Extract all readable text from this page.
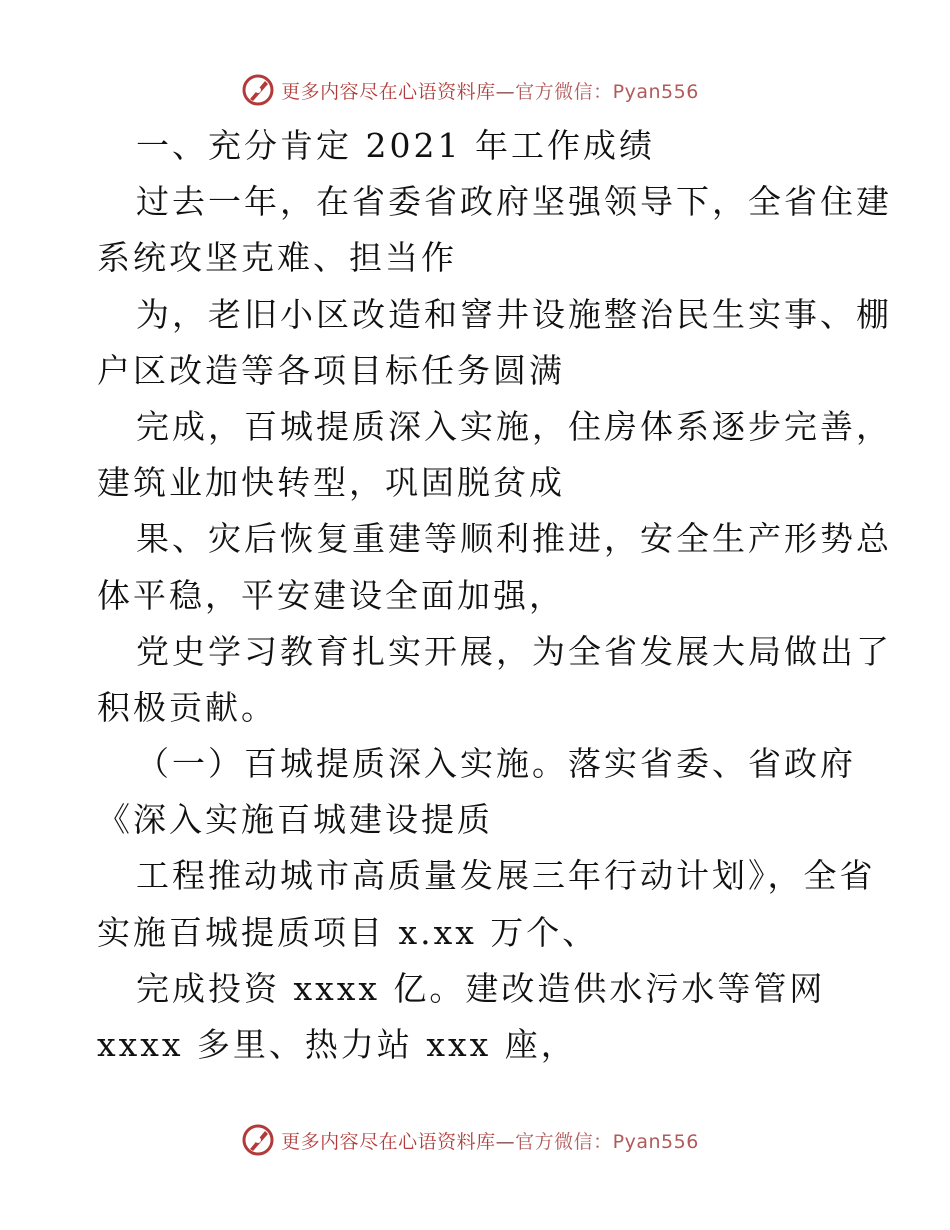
更多内容尽在心语资料库—官方微信：Pyan556
一、充分肯定 2021 年工作成绩
过去一年，在省委省政府坚强领导下，全省住建
系统攻坚克难、担当作
为，老旧小区改造和窨井设施整治民生实事、棚
户区改造等各项目标任务圆满
完成，百城提质深入实施，住房体系逐步完善，
建筑业加快转型，巩固脱贫成
果、灾后恢复重建等顺利推进，安全生产形势总
体平稳，平安建设全面加强，
党史学习教育扎实开展，为全省发展大局做出了
积极贡献。
（一）百城提质深入实施。落实省委、省政府
《深入实施百城建设提质
工程推动城市高质量发展三年行动计划》，全省
实施百城提质项目 x.xx 万个、
完成投资 xxxx 亿。建改造供水污水等管网
xxxx 多里、热力站 xxx 座，
更多内容尽在心语资料库—官方微信：Pyan556
